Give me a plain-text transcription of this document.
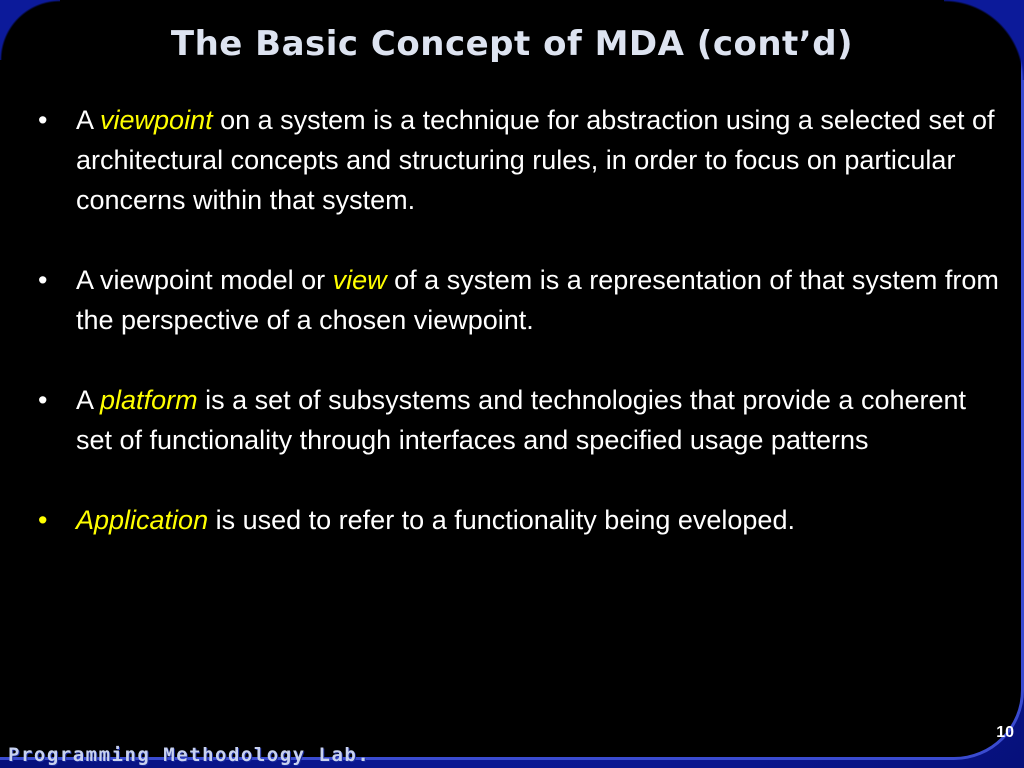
The Basic Concept of MDA (cont’d)
• A viewpoint on a system is a technique for abstraction using a selected set of architectural concepts and structuring rules, in order to focus on particular concerns within that system.
• A viewpoint model or view of a system is a representation of that system from the perspective of a chosen viewpoint.
• A platform is a set of subsystems and technologies that provide a coherent set of functionality through interfaces and specified usage patterns
• Application is used to refer to a functionality being eveloped.
10
Programming Methodology Lab.
